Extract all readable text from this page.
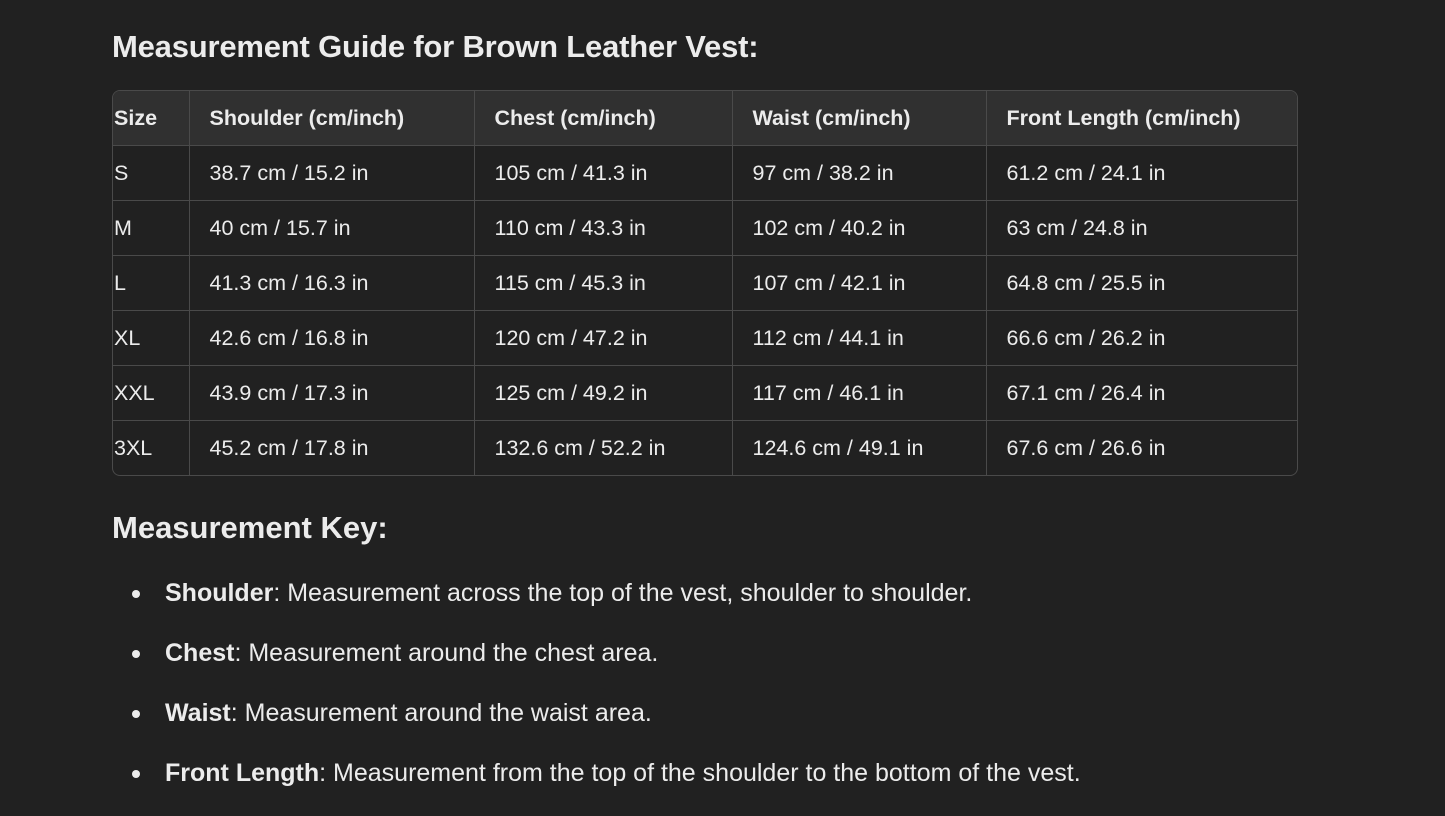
Measurement Guide for Brown Leather Vest:
Size	Shoulder (cm/inch)	Chest (cm/inch)	Waist (cm/inch)	Front Length (cm/inch)
S	38.7 cm / 15.2 in	105 cm / 41.3 in	97 cm / 38.2 in	61.2 cm / 24.1 in
M	40 cm / 15.7 in	110 cm / 43.3 in	102 cm / 40.2 in	63 cm / 24.8 in
L	41.3 cm / 16.3 in	115 cm / 45.3 in	107 cm / 42.1 in	64.8 cm / 25.5 in
XL	42.6 cm / 16.8 in	120 cm / 47.2 in	112 cm / 44.1 in	66.6 cm / 26.2 in
XXL	43.9 cm / 17.3 in	125 cm / 49.2 in	117 cm / 46.1 in	67.1 cm / 26.4 in
3XL	45.2 cm / 17.8 in	132.6 cm / 52.2 in	124.6 cm / 49.1 in	67.6 cm / 26.6 in
Measurement Key:
Shoulder: Measurement across the top of the vest, shoulder to shoulder.
Chest: Measurement around the chest area.
Waist: Measurement around the waist area.
Front Length: Measurement from the top of the shoulder to the bottom of the vest.
